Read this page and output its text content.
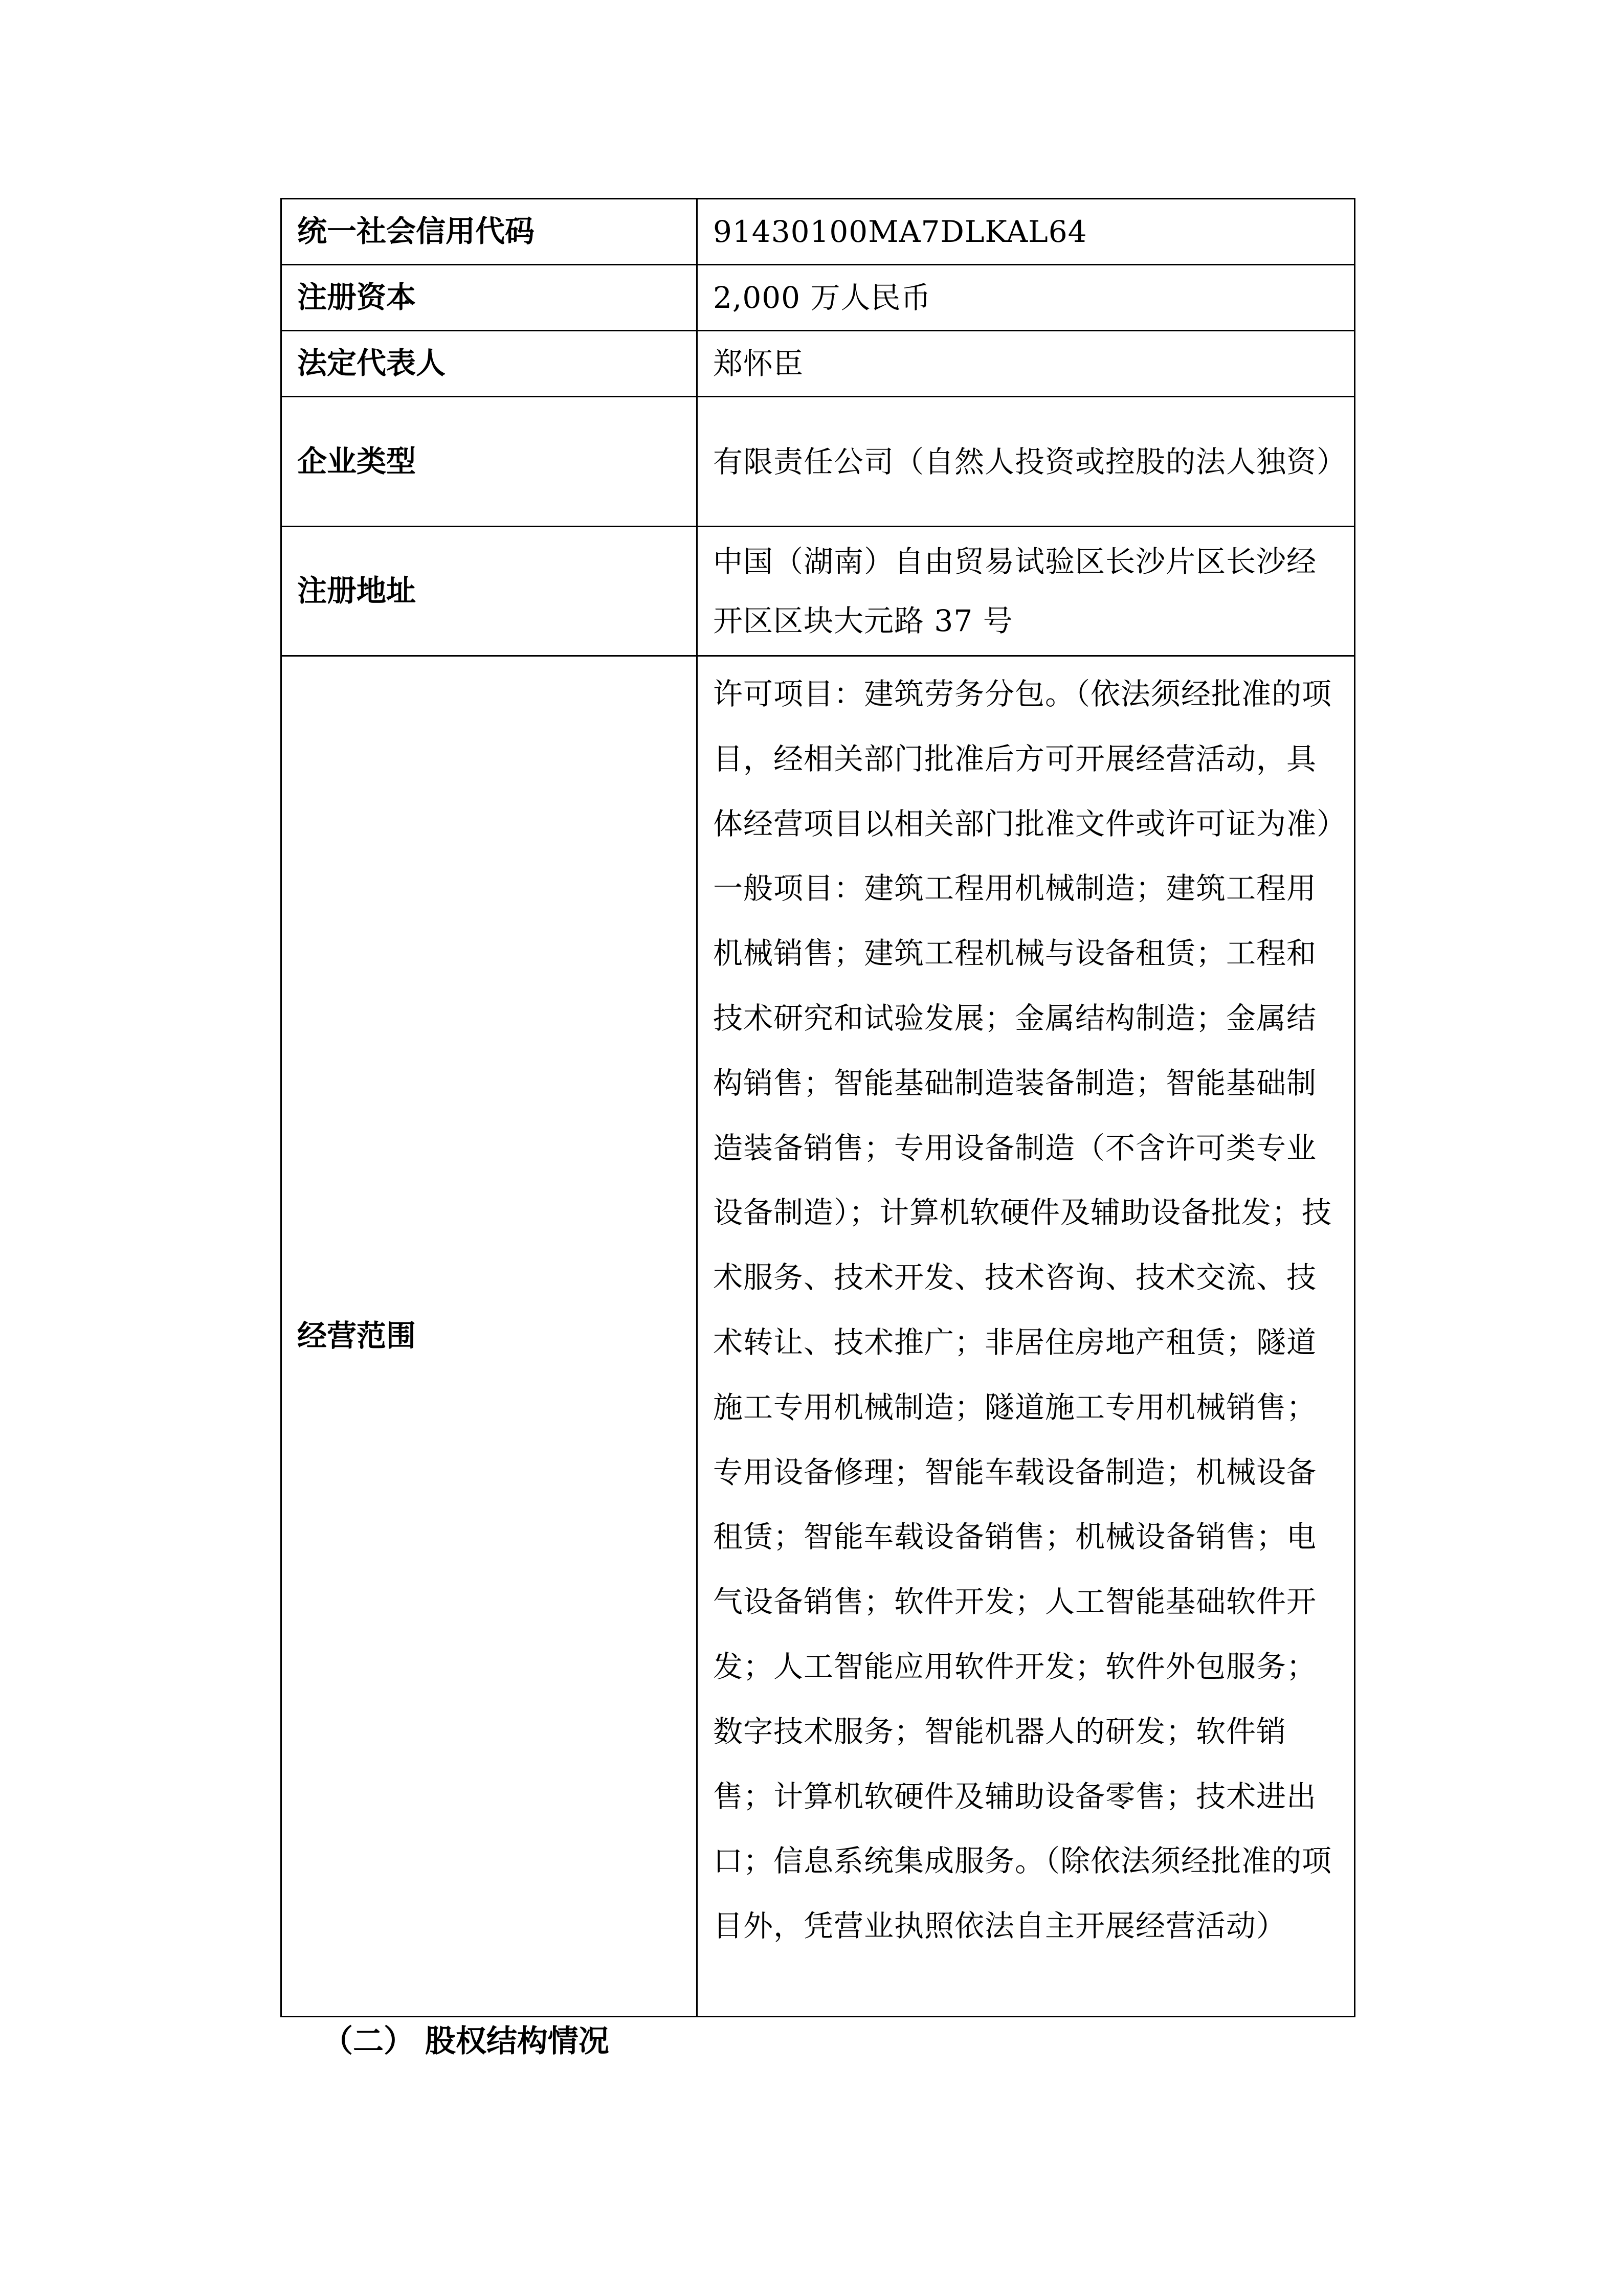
统一社会信用代码	91430100MA7DLKAL64

注册资本	2,000 万人民币

法定代表人	郑怀臣

企业类型	有限责任公司（自然人投资或控股的法人独资）

注册地址	中国（湖南）自由贸易试验区长沙片区长沙经开区区块大元路 37 号

经营范围	许可项目：建筑劳务分包。（依法须经批准的项目，经相关部门批准后方可开展经营活动，具体经营项目以相关部门批准文件或许可证为准）一般项目：建筑工程用机械制造；建筑工程用机械销售；建筑工程机械与设备租赁；工程和技术研究和试验发展；金属结构制造；金属结构销售；智能基础制造装备制造；智能基础制造装备销售；专用设备制造（不含许可类专业设备制造）；计算机软硬件及辅助设备批发；技术服务、技术开发、技术咨询、技术交流、技术转让、技术推广；非居住房地产租赁；隧道施工专用机械制造；隧道施工专用机械销售；专用设备修理；智能车载设备制造；机械设备租赁；智能车载设备销售；机械设备销售；电气设备销售；软件开发；人工智能基础软件开发；人工智能应用软件开发；软件外包服务；数字技术服务；智能机器人的研发；软件销售；计算机软硬件及辅助设备零售；技术进出口；信息系统集成服务。（除依法须经批准的项目外，凭营业执照依法自主开展经营活动）
（二） 股权结构情况
